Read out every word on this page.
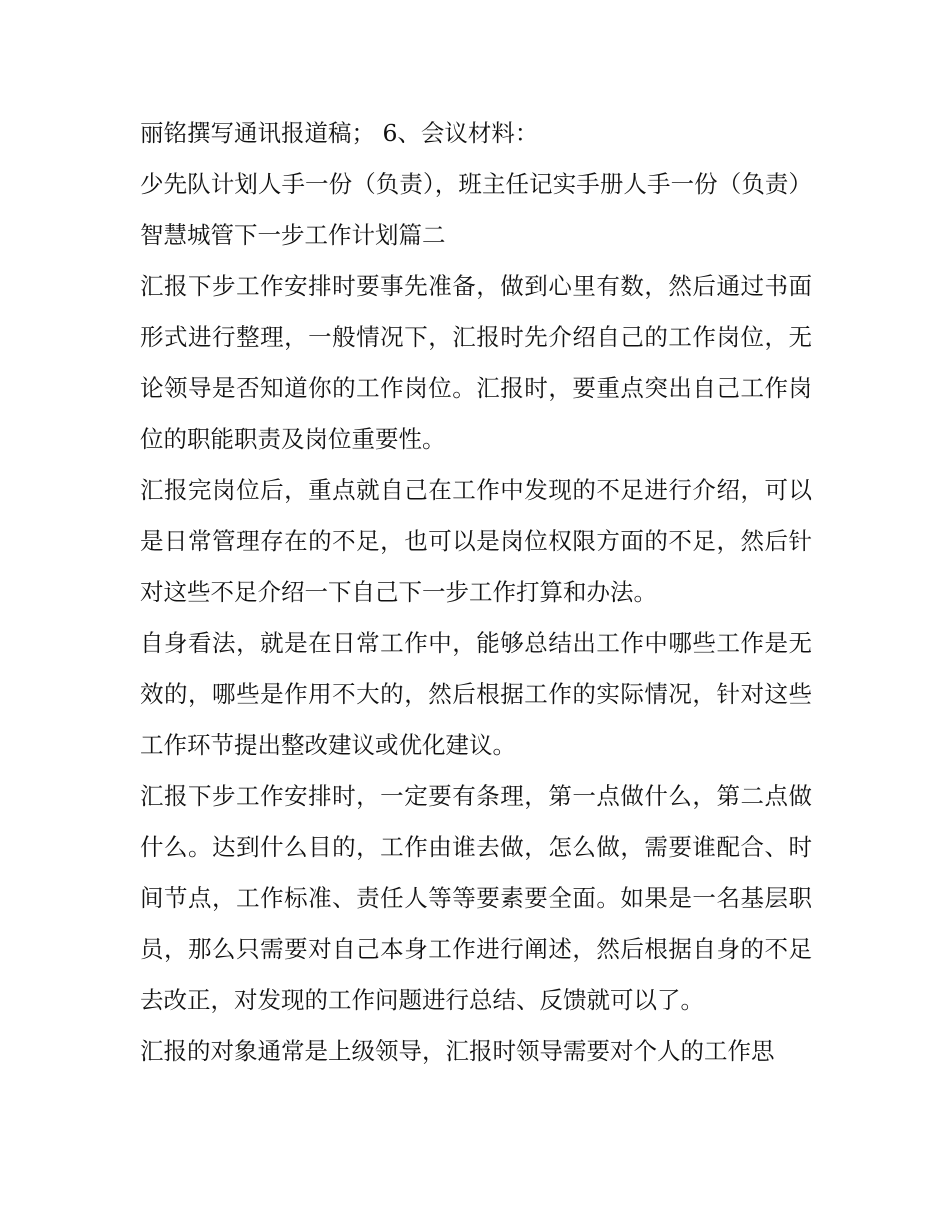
丽铭撰写通讯报道稿； 6、会议材料：

少先队计划人手一份（负责），班主任记实手册人手一份（负责） 智慧城管下一步工作计划篇二

汇报下步工作安排时要事先准备，做到心里有数，然后通过书面形式进行整理，一般情况下，汇报时先介绍自己的工作岗位，无论领导是否知道你的工作岗位。汇报时，要重点突出自己工作岗位的职能职责及岗位重要性。

汇报完岗位后，重点就自己在工作中发现的不足进行介绍，可以是日常管理存在的不足，也可以是岗位权限方面的不足，然后针对这些不足介绍一下自己下一步工作打算和办法。

自身看法，就是在日常工作中，能够总结出工作中哪些工作是无效的，哪些是作用不大的，然后根据工作的实际情况，针对这些工作环节提出整改建议或优化建议。

汇报下步工作安排时，一定要有条理，第一点做什么，第二点做什么。达到什么目的，工作由谁去做，怎么做，需要谁配合、时间节点，工作标准、责任人等等要素要全面。如果是一名基层职员，那么只需要对自己本身工作进行阐述，然后根据自身的不足去改正，对发现的工作问题进行总结、反馈就可以了。

汇报的对象通常是上级领导，汇报时领导需要对个人的工作思
